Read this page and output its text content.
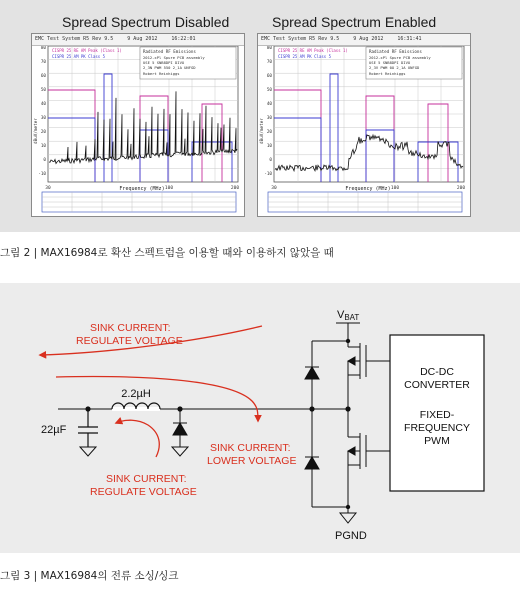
Spread Spectrum Disabled	Spread Spectrum Enabled
Radiated RF Emissions
2012-xPl Spure PCB assembly
USE 5 SNB8DPI DIVO
2_3N PWM 550 2_1A UNFGD
Robert Reinhiggs
CISPR 25 RE AM Peak (Class 1)
CISPR 25 AM PK Class 5
80
70
60
50
40
30
20
10
0
-10
dBuV/meter
30	100	200
Frequency (MHz)
EMC Test System R5 Rev 9.5	9 Aug 2012	16:22:01
Radiated RF Emissions
2012-xPl Spure PCB assembly
USE 5 SNB8DPI DIVO
2_3V PWM 0O 2_1A UNFGD
Robert Reinhiggs
CISPR 25 RE AM Peak (Class 1)
CISPR 25 AM PK Class 5
80
70
60
50
40
30
20
10
0
-10
dBuV/meter
30	100	200
Frequency (MHz)
EMC Test System R5 Rev 9.5	9 Aug 2012	16:31:41
그림 2 | MAX16984로 확산 스펙트럼을 이용할 때와 이용하지 않았을 때
VBAT
2.2µH
22µF
PGND
DC-DC
CONVERTER
FIXED-
FREQUENCY
PWM
SINK CURRENT:
REGULATE VOLTAGE
SINK CURRENT:
LOWER VOLTAGE
SINK CURRENT:
REGULATE VOLTAGE
그림 3 | MAX16984의 전류 소싱/싱크
